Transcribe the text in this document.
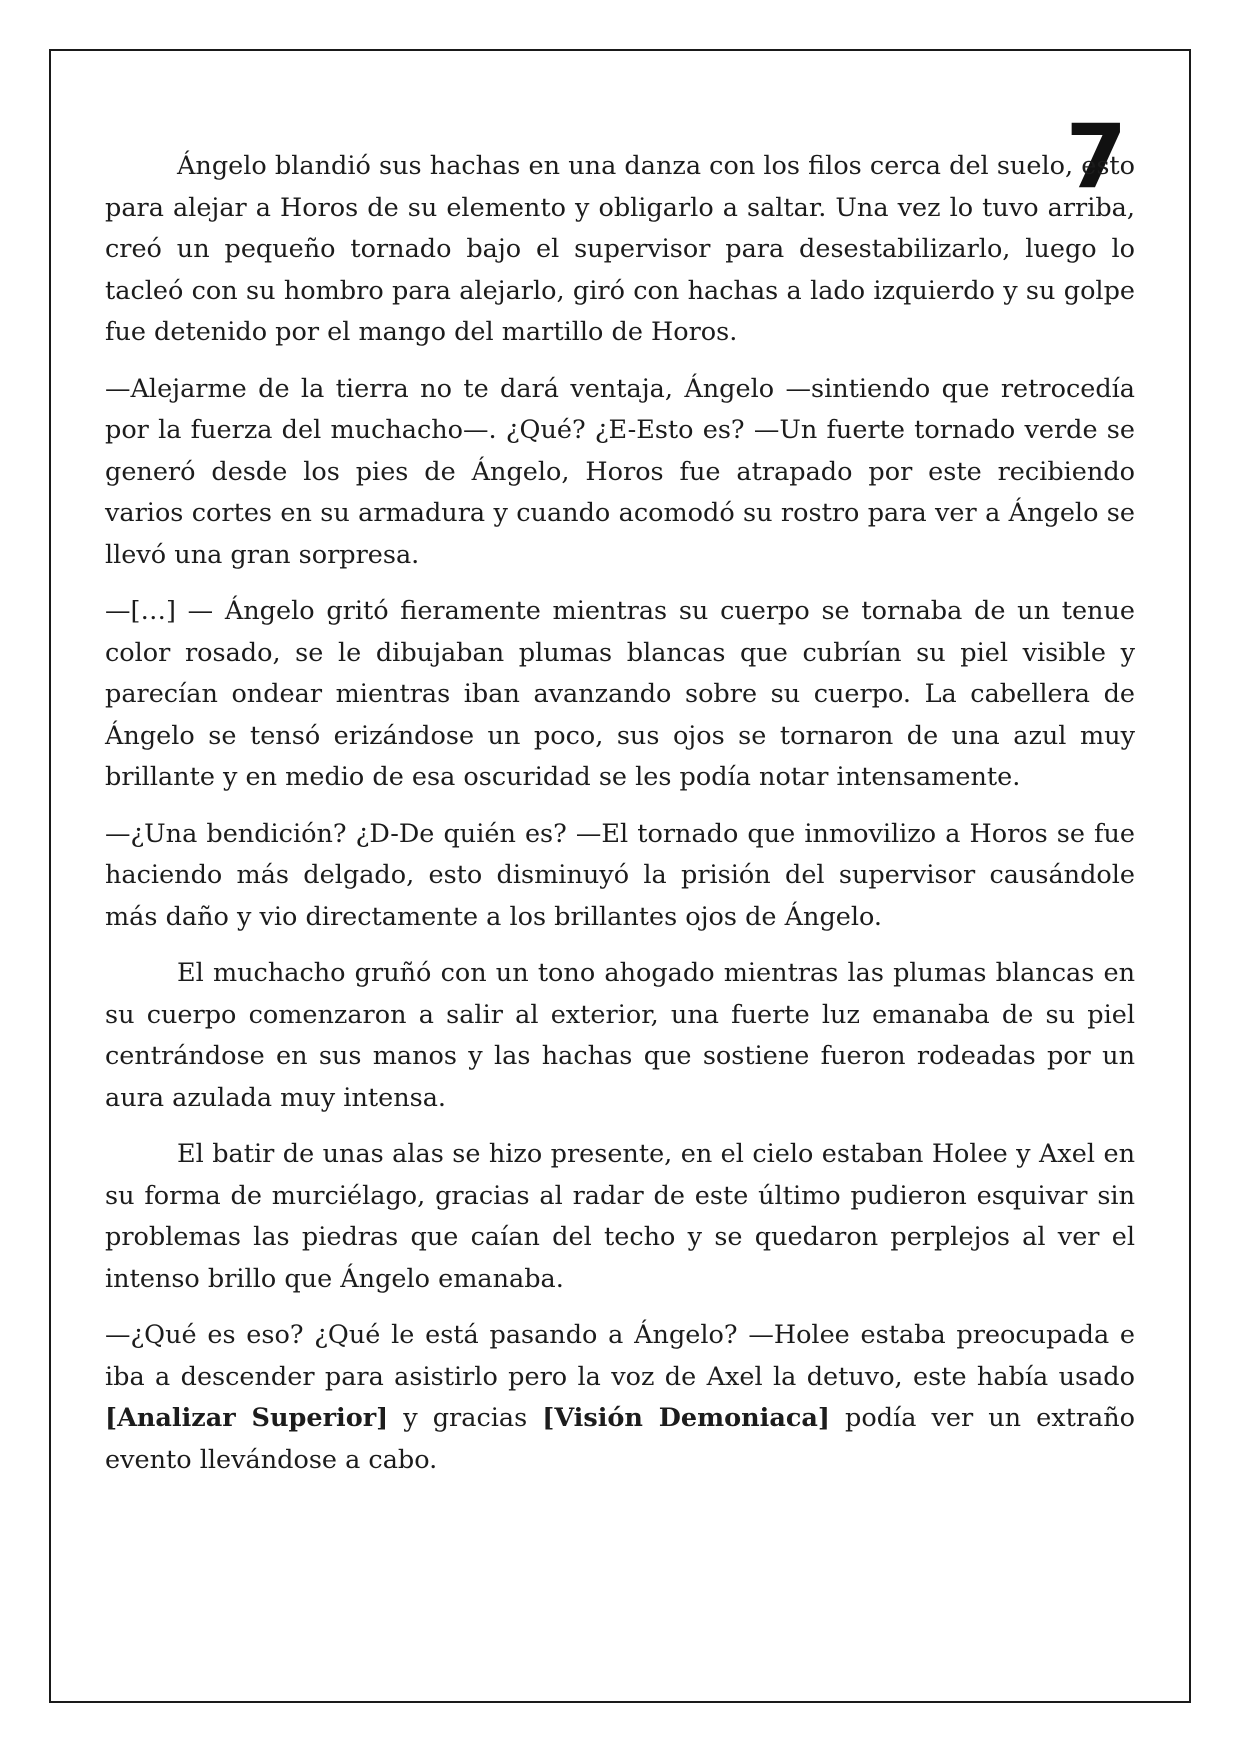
7

Ángelo blandió sus hachas en una danza con los filos cerca del suelo, esto para alejar a Horos de su elemento y obligarlo a saltar. Una vez lo tuvo arriba, creó un pequeño tornado bajo el supervisor para desestabilizarlo, luego lo tacleó con su hombro para alejarlo, giró con hachas a lado izquierdo y su golpe fue detenido por el mango del martillo de Horos.

—Alejarme de la tierra no te dará ventaja, Ángelo —sintiendo que retrocedía por la fuerza del muchacho—. ¿Qué? ¿E-Esto es? —Un fuerte tornado verde se generó desde los pies de Ángelo, Horos fue atrapado por este recibiendo varios cortes en su armadura y cuando acomodó su rostro para ver a Ángelo se llevó una gran sorpresa.

—[…] — Ángelo gritó fieramente mientras su cuerpo se tornaba de un tenue color rosado, se le dibujaban plumas blancas que cubrían su piel visible y parecían ondear mientras iban avanzando sobre su cuerpo. La cabellera de Ángelo se tensó erizándose un poco, sus ojos se tornaron de una azul muy brillante y en medio de esa oscuridad se les podía notar intensamente.

—¿Una bendición? ¿D-De quién es? —El tornado que inmovilizo a Horos se fue haciendo más delgado, esto disminuyó la prisión del supervisor causándole más daño y vio directamente a los brillantes ojos de Ángelo.

El muchacho gruñó con un tono ahogado mientras las plumas blancas en su cuerpo comenzaron a salir al exterior, una fuerte luz emanaba de su piel centrándose en sus manos y las hachas que sostiene fueron rodeadas por un aura azulada muy intensa.

El batir de unas alas se hizo presente, en el cielo estaban Holee y Axel en su forma de murciélago, gracias al radar de este último pudieron esquivar sin problemas las piedras que caían del techo y se quedaron perplejos al ver el intenso brillo que Ángelo emanaba.

—¿Qué es eso? ¿Qué le está pasando a Ángelo? —Holee estaba preocupada e iba a descender para asistirlo pero la voz de Axel la detuvo, este había usado [Analizar Superior] y gracias [Visión Demoniaca] podía ver un extraño evento llevándose a cabo.
